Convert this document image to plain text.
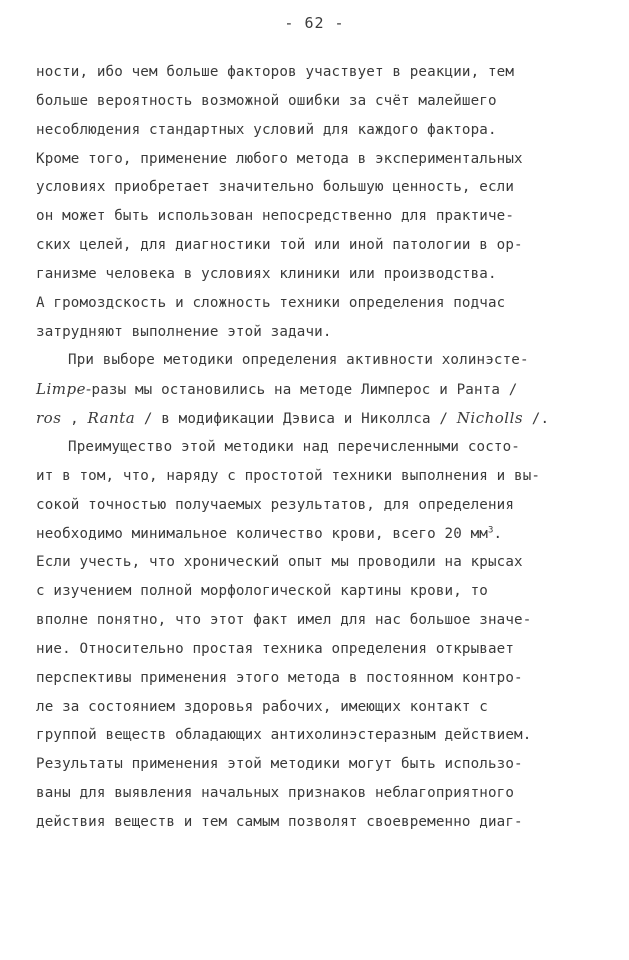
- 62 -
ности, ибо чем больше факторов участвует в реакции, тем
больше вероятность возможной ошибки за счёт малейшего
несоблюдения стандартных условий для каждого фактора.
Кроме того, применение любого метода в экспериментальных
условиях приобретает значительно большую ценность, если
он может быть использован непосредственно для практиче-
ских целей, для диагностики той или иной патологии в ор-
ганизме человека в условиях клиники или производства.
А громоздскость и сложность техники определения подчас
затрудняют выполнение этой задачи.
При выборе методики определения активности холинэсте-
Limpe-разы мы остановились на методе Лимперос и Ранта /
ros , Ranta / в модификации Дэвиса и Николлса / Nicholls /.
Преимущество этой методики над перечисленными состо-
ит в том, что, наряду с простотой техники выполнения и вы-
сокой точностью получаемых результатов, для определения
необходимо минимальное количество крови, всего 20 $мм^3$.
Если учесть, что хронический опыт мы проводили на крысах
с изучением полной морфологической картины крови, то
вполне понятно, что этот факт имел для нас большое значе-
ние. Относительно простая техника определения открывает
перспективы применения этого метода в постоянном контро-
ле за состоянием здоровья рабочих, имеющих контакт с
группой веществ обладающих антихолинэстеразным действием.
Результаты применения этой методики могут быть использо-
ваны для выявления начальных признаков неблагоприятного
действия веществ и тем самым позволят своевременно диаг-
